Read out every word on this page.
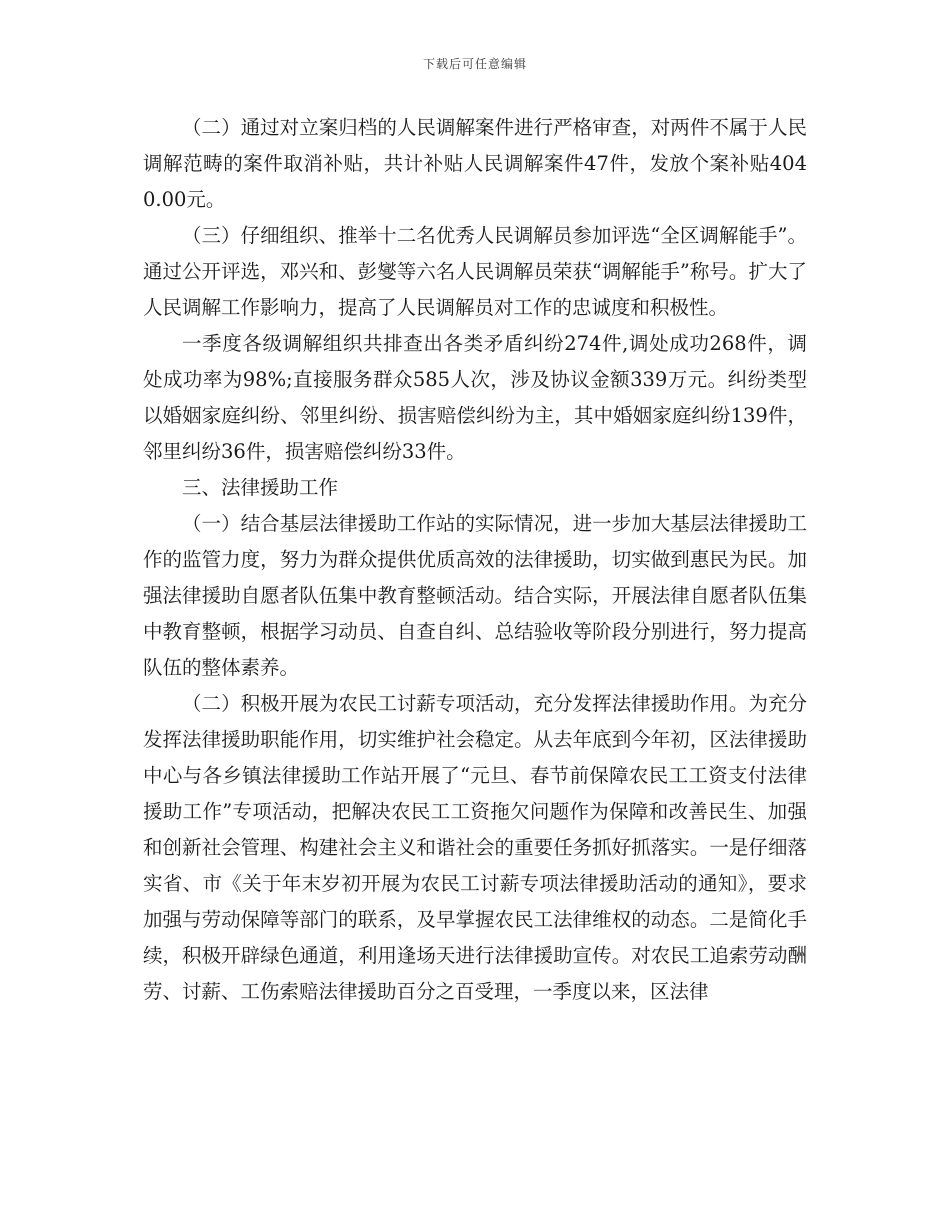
下载后可任意编辑

（二）通过对立案归档的人民调解案件进行严格审查，对两件不属于人民调解范畴的案件取消补贴，共计补贴人民调解案件47件，发放个案补贴4040.00元。

（三）仔细组织、推举十二名优秀人民调解员参加评选“全区调解能手”。通过公开评选，邓兴和、彭燮等六名人民调解员荣获“调解能手”称号。扩大了人民调解工作影响力，提高了人民调解员对工作的忠诚度和积极性。

一季度各级调解组织共排查出各类矛盾纠纷274件,调处成功268件，调处成功率为98%;直接服务群众585人次，涉及协议金额339万元。纠纷类型以婚姻家庭纠纷、邻里纠纷、损害赔偿纠纷为主，其中婚姻家庭纠纷139件，邻里纠纷36件，损害赔偿纠纷33件。

三、法律援助工作

（一）结合基层法律援助工作站的实际情况，进一步加大基层法律援助工作的监管力度，努力为群众提供优质高效的法律援助，切实做到惠民为民。加强法律援助自愿者队伍集中教育整顿活动。结合实际，开展法律自愿者队伍集中教育整顿，根据学习动员、自查自纠、总结验收等阶段分别进行，努力提高队伍的整体素养。

（二）积极开展为农民工讨薪专项活动，充分发挥法律援助作用。为充分发挥法律援助职能作用，切实维护社会稳定。从去年底到今年初，区法律援助中心与各乡镇法律援助工作站开展了“元旦、春节前保障农民工工资支付法律援助工作”专项活动，把解决农民工工资拖欠问题作为保障和改善民生、加强和创新社会管理、构建社会主义和谐社会的重要任务抓好抓落实。一是仔细落实省、市《关于年末岁初开展为农民工讨薪专项法律援助活动的通知》，要求加强与劳动保障等部门的联系，及早掌握农民工法律维权的动态。二是简化手续，积极开辟绿色通道，利用逢场天进行法律援助宣传。对农民工追索劳动酬劳、讨薪、工伤索赔法律援助百分之百受理，一季度以来，区法律
